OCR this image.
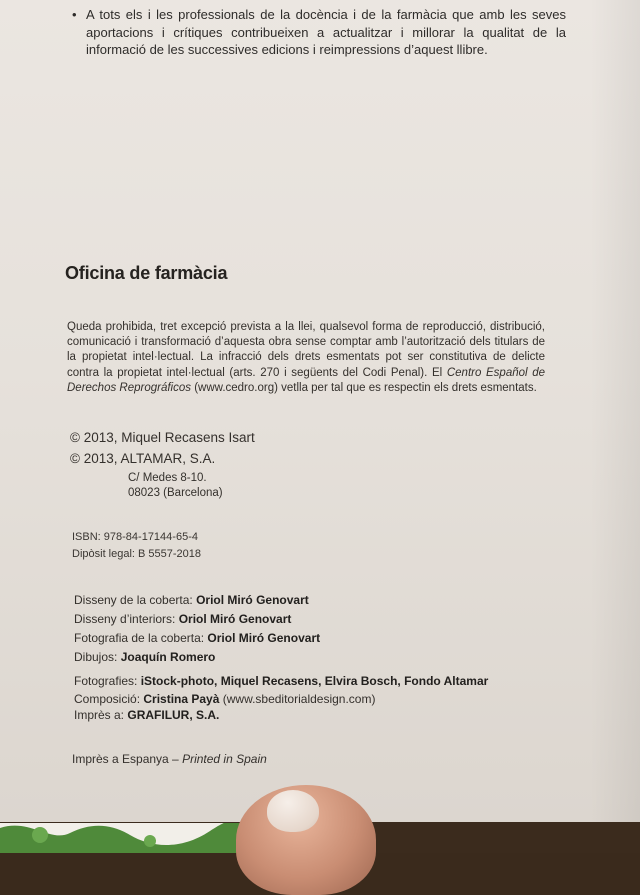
• A tots els i les professionals de la docència i de la farmàcia que amb les seves aportacions i crítiques contribueixen a actualitzar i millorar la qualitat de la informació de les successives edicions i reimpressions d’aquest llibre.
Oficina de farmàcia
Queda prohibida, tret excepció prevista a la llei, qualsevol forma de reproducció, distribució, comunicació i transformació d’aquesta obra sense comptar amb l’autorització dels titulars de la propietat intel·lectual. La infracció dels drets esmentats pot ser constitutiva de delicte contra la propietat intel·lectual (arts. 270 i següents del Codi Penal). El Centro Español de Derechos Reprográficos (www.cedro.org) vetlla per tal que es respectin els drets esmentats.
© 2013, Miquel Recasens Isart
© 2013, ALTAMAR, S.A.
C/ Medes 8-10.
08023 (Barcelona)
ISBN: 978-84-17144-65-4
Dipòsit legal: B 5557-2018
Disseny de la coberta: Oriol Miró Genovart
Disseny d’interiors: Oriol Miró Genovart
Fotografia de la coberta: Oriol Miró Genovart
Dibujos: Joaquín Romero
Fotografies: iStock-photo, Miquel Recasens, Elvira Bosch, Fondo Altamar
Composició: Cristina Payà (www.sbeditorialdesign.com)
Imprès a: GRAFILUR, S.A.
Imprès a Espanya – Printed in Spain
